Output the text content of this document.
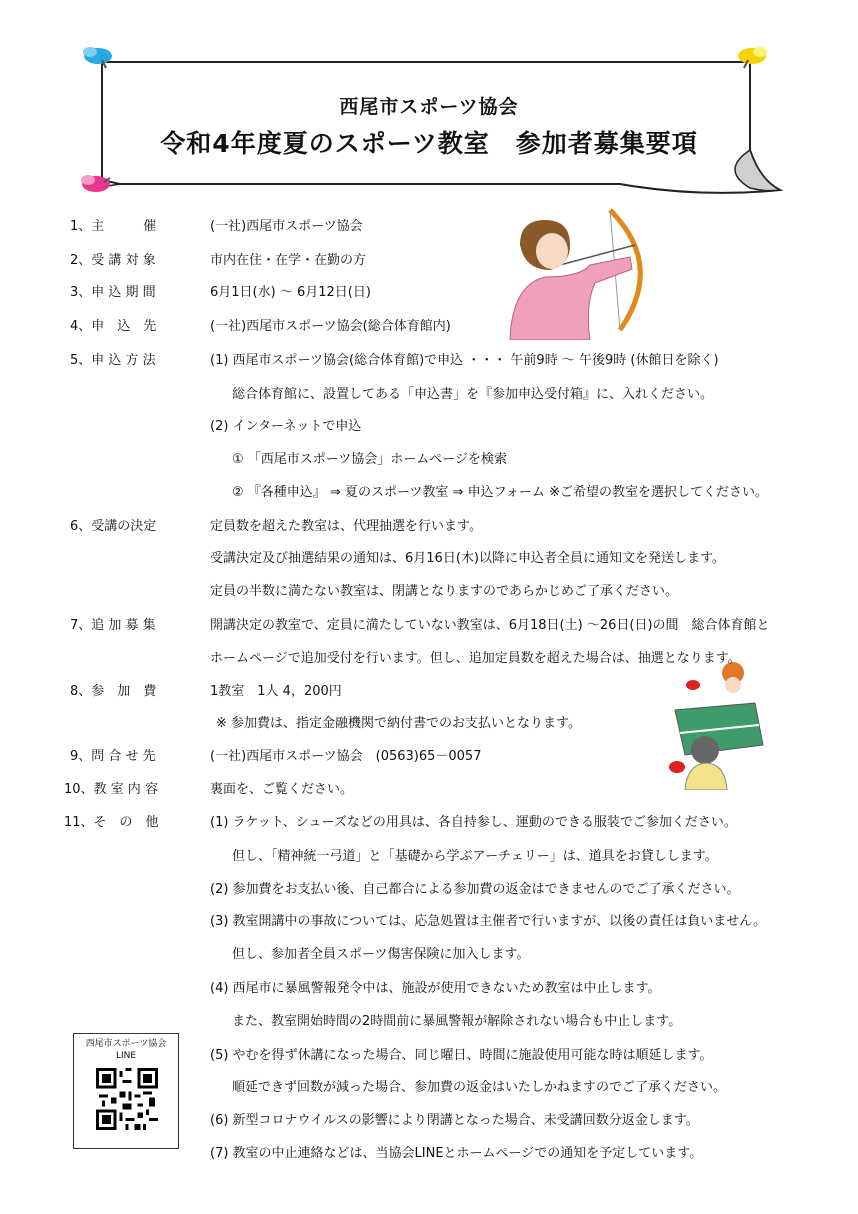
西尾市スポーツ協会
令和4年度夏のスポーツ教室　参加者募集要項
1、主　　　催	(一社)西尾市スポーツ協会
2、受 講 対 象	市内在住・在学・在勤の方
3、申 込 期 間	6月1日(水) ～ 6月12日(日)
4、申　込　先	(一社)西尾市スポーツ協会(総合体育館内)
5、申 込 方 法	(1) 西尾市スポーツ協会(総合体育館)で申込 ・・・ 午前9時 ～ 午後9時 (休館日を除く)
総合体育館に、設置してある「申込書」を『参加申込受付箱』に、入れください。
(2) インターネットで申込
① 「西尾市スポーツ協会」ホームページを検索
② 『各種申込』 ⇒ 夏のスポーツ教室 ⇒ 申込フォーム ※ご希望の教室を選択してください。
6、受講の決定	定員数を超えた教室は、代理抽選を行います。
受講決定及び抽選結果の通知は、6月16日(木)以降に申込者全員に通知文を発送します。
定員の半数に満たない教室は、閉講となりますのであらかじめご了承ください。
7、追 加 募 集	開講決定の教室で、定員に満たしていない教室は、6月18日(土) ～26日(日)の間　総合体育館と
ホームページで追加受付を行います。但し、追加定員数を超えた場合は、抽選となります。
8、参　加　費	1教室　1人 4，200円
※ 参加費は、指定金融機関で納付書でのお支払いとなります。
9、問 合 せ 先	(一社)西尾市スポーツ協会　(0563)65－0057
10、教 室 内 容	裏面を、ご覧ください。
11、そ　の　他	(1) ラケット、シューズなどの用具は、各自持参し、運動のできる服装でご参加ください。
但し、「精神統一弓道」と「基礎から学ぶアーチェリー」は、道具をお貸しします。
(2) 参加費をお支払い後、自己都合による参加費の返金はできませんのでご了承ください。
(3) 教室開講中の事故については、応急処置は主催者で行いますが、以後の責任は負いません。
但し、参加者全員スポーツ傷害保険に加入します。
(4) 西尾市に暴風警報発令中は、施設が使用できないため教室は中止します。
また、教室開始時間の2時間前に暴風警報が解除されない場合も中止します。
(5) やむを得ず休講になった場合、同じ曜日、時間に施設使用可能な時は順延します。
順延できず回数が減った場合、参加費の返金はいたしかねますのでご了承ください。
(6) 新型コロナウイルスの影響により閉講となった場合、未受講回数分返金します。
(7) 教室の中止連絡などは、当協会LINEとホームページでの通知を予定しています。
西尾市スポーツ協会
LINE
